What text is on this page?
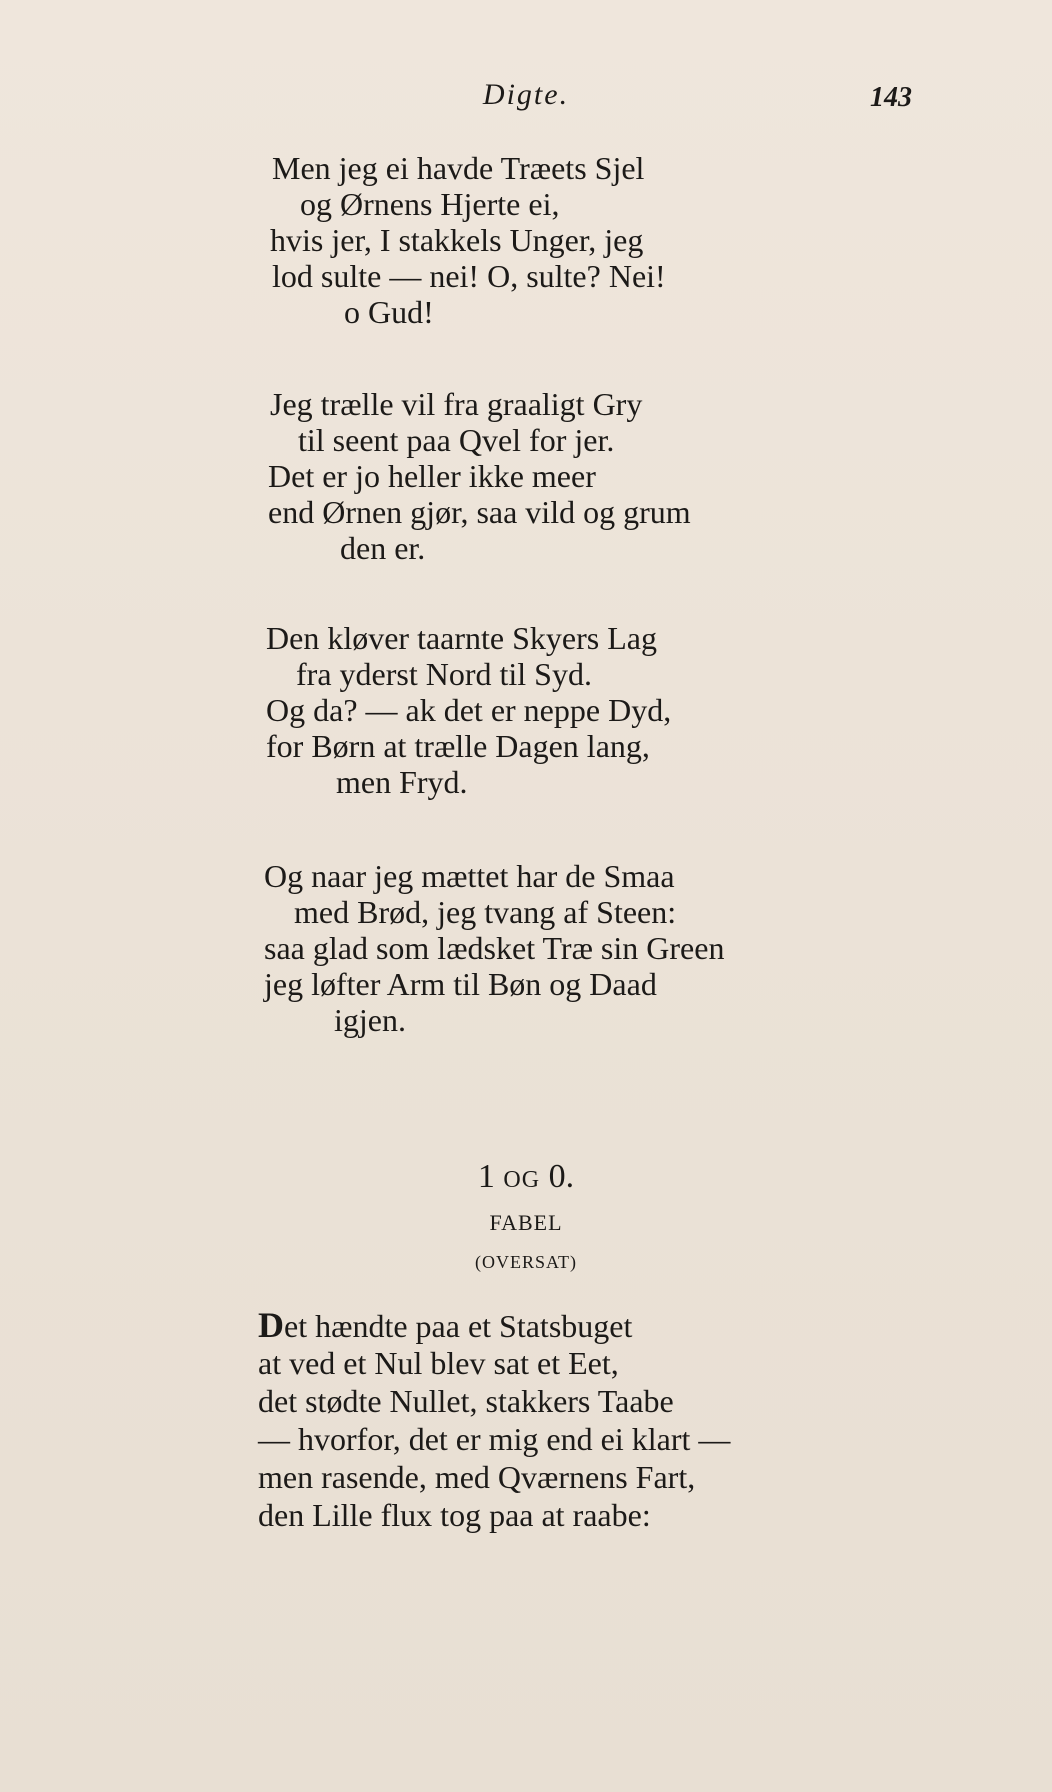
Digte.	143
Men jeg ei havde Træets Sjel
og Ørnens Hjerte ei,
hvis jer, I stakkels Unger, jeg
lod sulte — nei! O, sulte? Nei!
o Gud!
Jeg trælle vil fra graaligt Gry
til seent paa Qvel for jer.
Det er jo heller ikke meer
end Ørnen gjør, saa vild og grum
den er.
Den kløver taarnte Skyers Lag
fra yderst Nord til Syd.
Og da? — ak det er neppe Dyd,
for Børn at trælle Dagen lang,
men Fryd.
Og naar jeg mættet har de Smaa
med Brød, jeg tvang af Steen:
saa glad som lædsket Træ sin Green
jeg løfter Arm til Bøn og Daad
igjen.
1 OG 0.
FABEL
(OVERSAT)
Det hændte paa et Statsbuget
at ved et Nul blev sat et Eet,
det stødte Nullet, stakkers Taabe
— hvorfor, det er mig end ei klart —
men rasende, med Qværnens Fart,
den Lille flux tog paa at raabe:
